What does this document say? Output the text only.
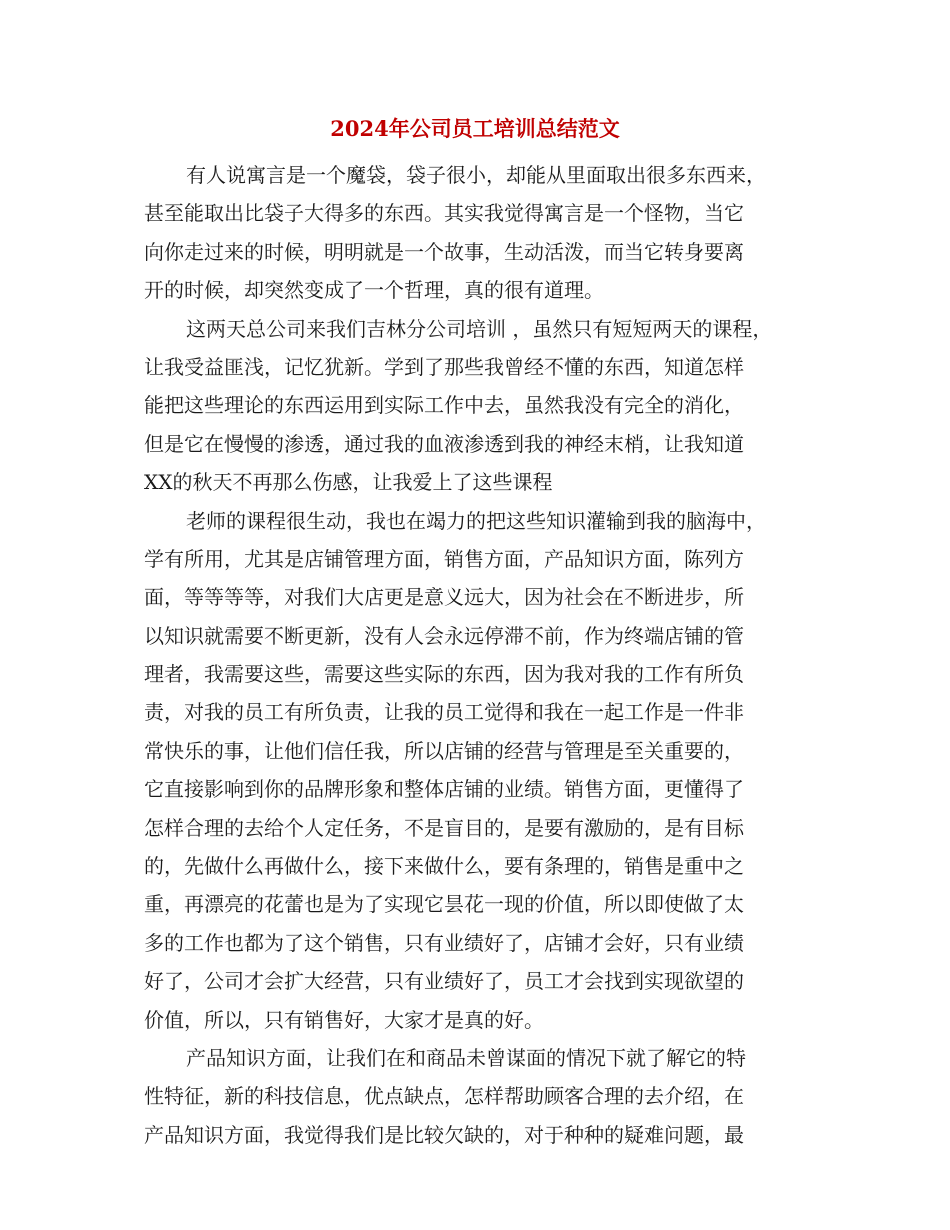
2024年公司员工培训总结范文
有人说寓言是一个魔袋，袋子很小，却能从里面取出很多东西来，
甚至能取出比袋子大得多的东西。其实我觉得寓言是一个怪物，当它
向你走过来的时候，明明就是一个故事，生动活泼，而当它转身要离
开的时候，却突然变成了一个哲理，真的很有道理。
这两天总公司来我们吉林分公司培训 ，虽然只有短短两天的课程，
让我受益匪浅，记忆犹新。学到了那些我曾经不懂的东西，知道怎样
能把这些理论的东西运用到实际工作中去，虽然我没有完全的消化，
但是它在慢慢的渗透，通过我的血液渗透到我的神经末梢，让我知道
XX的秋天不再那么伤感，让我爱上了这些课程
老师的课程很生动，我也在竭力的把这些知识灌输到我的脑海中，
学有所用，尤其是店铺管理方面，销售方面，产品知识方面，陈列方
面，等等等等，对我们大店更是意义远大，因为社会在不断进步，所
以知识就需要不断更新，没有人会永远停滞不前，作为终端店铺的管
理者，我需要这些，需要这些实际的东西，因为我对我的工作有所负
责，对我的员工有所负责，让我的员工觉得和我在一起工作是一件非
常快乐的事，让他们信任我，所以店铺的经营与管理是至关重要的，
它直接影响到你的品牌形象和整体店铺的业绩。销售方面，更懂得了
怎样合理的去给个人定任务，不是盲目的，是要有激励的，是有目标
的，先做什么再做什么，接下来做什么，要有条理的，销售是重中之
重，再漂亮的花蕾也是为了实现它昙花一现的价值，所以即使做了太
多的工作也都为了这个销售，只有业绩好了，店铺才会好，只有业绩
好了，公司才会扩大经营，只有业绩好了，员工才会找到实现欲望的
价值，所以，只有销售好，大家才是真的好。
产品知识方面，让我们在和商品未曾谋面的情况下就了解它的特
性特征，新的科技信息，优点缺点，怎样帮助顾客合理的去介绍，在
产品知识方面，我觉得我们是比较欠缺的，对于种种的疑难问题，最
